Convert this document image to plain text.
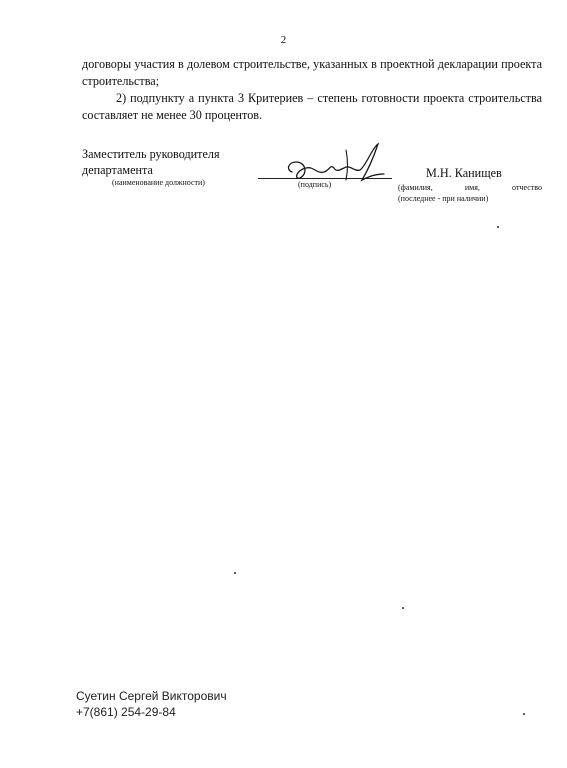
2
договоры участия в долевом строительстве, указанных в проектной декларации проекта строительства;
2) подпункту а пункта 3 Критериев – степень готовности проекта строительства составляет не менее 30 процентов.
Заместитель руководителя
департамента
(наименование должности)	(подпись)
М.Н. Канищев
(фамилия,	имя,	отчество
(последнее - при наличии)
Суетин Сергей Викторович
+7(861) 254-29-84
